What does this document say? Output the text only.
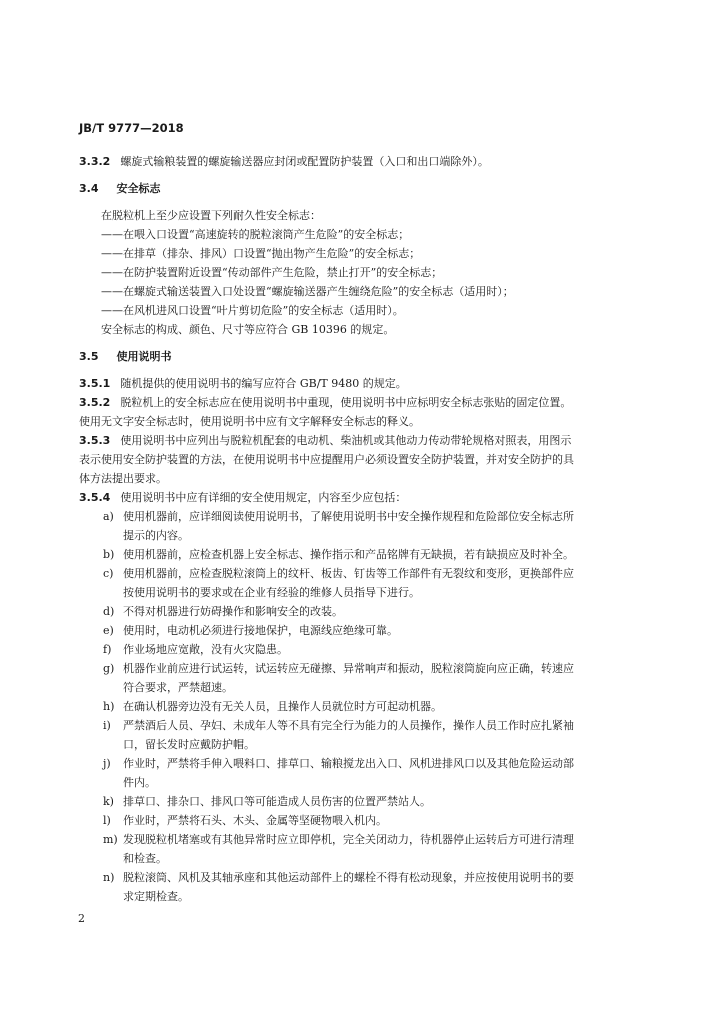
JB/T 9777—2018
3.3.2 螺旋式输粮装置的螺旋输送器应封闭或配置防护装置（入口和出口端除外）。
3.4 安全标志
在脱粒机上至少应设置下列耐久性安全标志：
——在喂入口设置“高速旋转的脱粒滚筒产生危险”的安全标志；
——在排草（排杂、排风）口设置“抛出物产生危险”的安全标志；
——在防护装置附近设置“传动部件产生危险，禁止打开”的安全标志；
——在螺旋式输送装置入口处设置“螺旋输送器产生缠绕危险”的安全标志（适用时）；
——在风机进风口设置“叶片剪切危险”的安全标志（适用时）。
安全标志的构成、颜色、尺寸等应符合 GB 10396 的规定。
3.5 使用说明书
3.5.1 随机提供的使用说明书的编写应符合 GB/T 9480 的规定。
3.5.2 脱粒机上的安全标志应在使用说明书中重现，使用说明书中应标明安全标志张贴的固定位置。
使用无文字安全标志时，使用说明书中应有文字解释安全标志的释义。
3.5.3 使用说明书中应列出与脱粒机配套的电动机、柴油机或其他动力传动带轮规格对照表，用图示
表示使用安全防护装置的方法，在使用说明书中应提醒用户必须设置安全防护装置，并对安全防护的具
体方法提出要求。
3.5.4 使用说明书中应有详细的安全使用规定，内容至少应包括：
a) 使用机器前，应详细阅读使用说明书，了解使用说明书中安全操作规程和危险部位安全标志所
提示的内容。
b) 使用机器前，应检查机器上安全标志、操作指示和产品铭牌有无缺损，若有缺损应及时补全。
c) 使用机器前，应检查脱粒滚筒上的纹杆、板齿、钉齿等工作部件有无裂纹和变形，更换部件应
按使用说明书的要求或在企业有经验的维修人员指导下进行。
d) 不得对机器进行妨碍操作和影响安全的改装。
e) 使用时，电动机必须进行接地保护，电源线应绝缘可靠。
f) 作业场地应宽敞，没有火灾隐患。
g) 机器作业前应进行试运转，试运转应无碰擦、异常响声和振动，脱粒滚筒旋向应正确，转速应
符合要求，严禁超速。
h) 在确认机器旁边没有无关人员，且操作人员就位时方可起动机器。
i) 严禁酒后人员、孕妇、未成年人等不具有完全行为能力的人员操作，操作人员工作时应扎紧袖
口，留长发时应戴防护帽。
j) 作业时，严禁将手伸入喂料口、排草口、输粮搅龙出入口、风机进排风口以及其他危险运动部
件内。
k) 排草口、排杂口、排风口等可能造成人员伤害的位置严禁站人。
l) 作业时，严禁将石头、木头、金属等坚硬物喂入机内。
m) 发现脱粒机堵塞或有其他异常时应立即停机，完全关闭动力，待机器停止运转后方可进行清理
和检查。
n) 脱粒滚筒、风机及其轴承座和其他运动部件上的螺栓不得有松动现象，并应按使用说明书的要
求定期检查。
2
